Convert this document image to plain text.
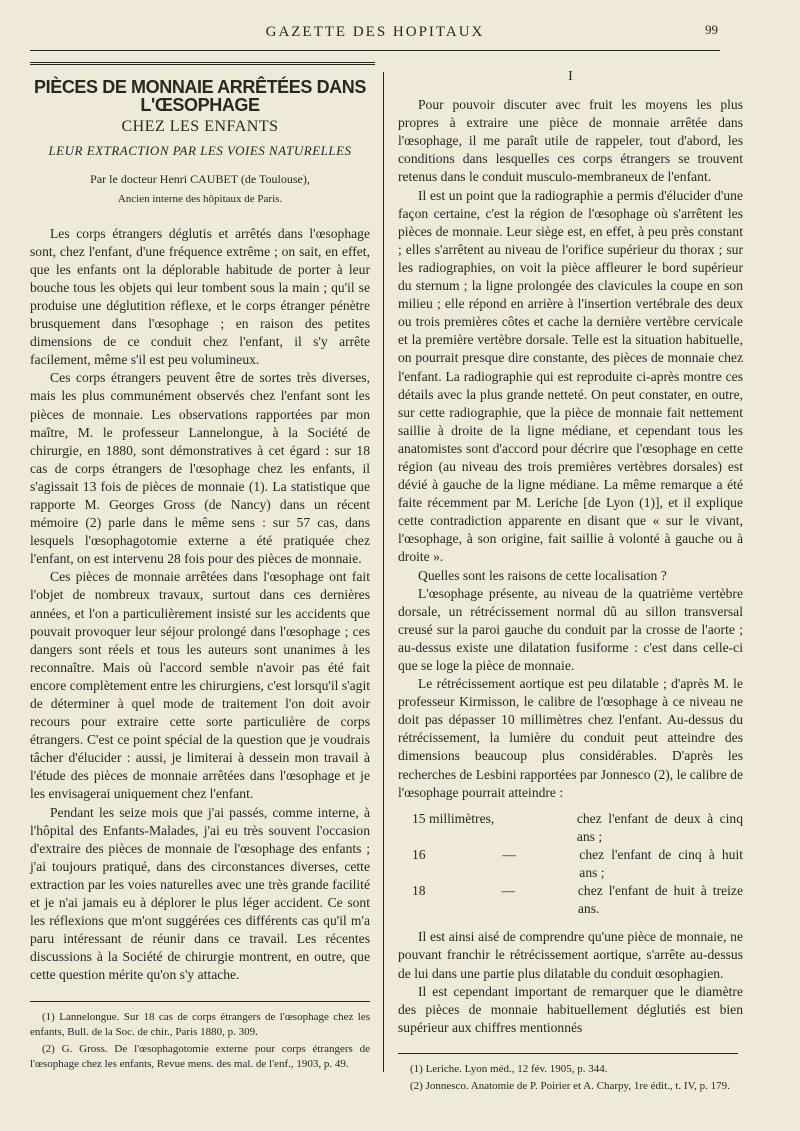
GAZETTE DES HOPITAUX	99
PIÈCES DE MONNAIE ARRÊTÉES DANS L'ŒSOPHAGE
CHEZ LES ENFANTS
LEUR EXTRACTION PAR LES VOIES NATURELLES
Par le docteur Henri CAUBET (de Toulouse),
Ancien interne des hôpitaux de Paris.

Les corps étrangers déglutis et arrêtés dans l'œsophage sont, chez l'enfant, d'une fréquence extrême ; on sait, en effet, que les enfants ont la déplorable habitude de porter à leur bouche tous les objets qui leur tombent sous la main ; qu'il se produise une déglutition réflexe, et le corps étranger pénètre brusquement dans l'œsophage ; en raison des petites dimensions de ce conduit chez l'enfant, il s'y arrête facilement, même s'il est peu volumineux.

Ces corps étrangers peuvent être de sortes très diverses, mais les plus communément observés chez l'enfant sont les pièces de monnaie. Les observations rapportées par mon maître, M. le professeur Lannelongue, à la Société de chirurgie, en 1880, sont démonstratives à cet égard : sur 18 cas de corps étrangers de l'œsophage chez les enfants, il s'agissait 13 fois de pièces de monnaie (1). La statistique que rapporte M. Georges Gross (de Nancy) dans un récent mémoire (2) parle dans le même sens : sur 57 cas, dans lesquels l'œsophagotomie externe a été pratiquée chez l'enfant, on est intervenu 28 fois pour des pièces de monnaie.

Ces pièces de monnaie arrêtées dans l'œsophage ont fait l'objet de nombreux travaux, surtout dans ces dernières années, et l'on a particulièrement insisté sur les accidents que pouvait provoquer leur séjour prolongé dans l'œsophage ; ces dangers sont réels et tous les auteurs sont unanimes à les reconnaître. Mais où l'accord semble n'avoir pas été fait encore complètement entre les chirurgiens, c'est lorsqu'il s'agit de déterminer à quel mode de traitement l'on doit avoir recours pour extraire cette sorte particulière de corps étrangers. C'est ce point spécial de la question que je voudrais tâcher d'élucider : aussi, je limiterai à dessein mon travail à l'étude des pièces de monnaie arrêtées dans l'œsophage et je les envisagerai uniquement chez l'enfant.

Pendant les seize mois que j'ai passés, comme interne, à l'hôpital des Enfants-Malades, j'ai eu très souvent l'occasion d'extraire des pièces de monnaie de l'œsophage des enfants ; j'ai toujours pratiqué, dans des circonstances diverses, cette extraction par les voies naturelles avec une très grande facilité et je n'ai jamais eu à déplorer le plus léger accident. Ce sont les réflexions que m'ont suggérées ces différents cas qu'il m'a paru intéressant de réunir dans ce travail. Les récentes discussions à la Société de chirurgie montrent, en outre, que cette question mérite qu'on s'y attache.

(1) Lannelongue. Sur 18 cas de corps étrangers de l'œsophage chez les enfants, Bull. de la Soc. de chir., Paris 1880, p. 309.

(2) G. Gross. De l'œsophagotomie externe pour corps étrangers de l'œsophage chez les enfants, Revue mens. des mal. de l'enf., 1903, p. 49.

I

Pour pouvoir discuter avec fruit les moyens les plus propres à extraire une pièce de monnaie arrêtée dans l'œsophage, il me paraît utile de rappeler, tout d'abord, les conditions dans lesquelles ces corps étrangers se trouvent retenus dans le conduit musculo-membraneux de l'enfant.

Il est un point que la radiographie a permis d'élucider d'une façon certaine, c'est la région de l'œsophage où s'arrêtent les pièces de monnaie. Leur siège est, en effet, à peu près constant ; elles s'arrêtent au niveau de l'orifice supérieur du thorax ; sur les radiographies, on voit la pièce affleurer le bord supérieur du sternum ; la ligne prolongée des clavicules la coupe en son milieu ; elle répond en arrière à l'insertion vertébrale des deux ou trois premières côtes et cache la dernière vertèbre cervicale et la première vertèbre dorsale. Telle est la situation habituelle, on pourrait presque dire constante, des pièces de monnaie chez l'enfant. La radiographie qui est reproduite ci-après montre ces détails avec la plus grande netteté. On peut constater, en outre, sur cette radiographie, que la pièce de monnaie fait nettement saillie à droite de la ligne médiane, et cependant tous les anatomistes sont d'accord pour décrire que l'œsophage en cette région (au niveau des trois premières vertèbres dorsales) est dévié à gauche de la ligne médiane. La même remarque a été faite récemment par M. Leriche [de Lyon (1)], et il explique cette contradiction apparente en disant que « sur le vivant, l'œsophage, à son origine, fait saillie à volonté à gauche ou à droite ».

Quelles sont les raisons de cette localisation ?

L'œsophage présente, au niveau de la quatrième vertèbre dorsale, un rétrécissement normal dû au sillon transversal creusé sur la paroi gauche du conduit par la crosse de l'aorte ; au-dessus existe une dilatation fusiforme : c'est dans celle-ci que se loge la pièce de monnaie.

Le rétrécissement aortique est peu dilatable ; d'après M. le professeur Kirmisson, le calibre de l'œsophage à ce niveau ne doit pas dépasser 10 millimètres chez l'enfant. Au-dessus du rétrécissement, la lumière du conduit peut atteindre des dimensions beaucoup plus considérables. D'après les recherches de Lesbini rapportées par Jonnesco (2), le calibre de l'œsophage pourrait atteindre :

15 millimètres,	chez l'enfant de deux à cinq ans ;
16	—	chez l'enfant de cinq à huit ans ;
18	—	chez l'enfant de huit à treize ans.

Il est ainsi aisé de comprendre qu'une pièce de monnaie, ne pouvant franchir le rétrécissement aortique, s'arrête au-dessus de lui dans une partie plus dilatable du conduit œsophagien.

Il est cependant important de remarquer que le diamètre des pièces de monnaie habituellement déglutiés est bien supérieur aux chiffres mentionnés

(1) Leriche. Lyon méd., 12 fév. 1905, p. 344.

(2) Jonnesco. Anatomie de P. Poirier et A. Charpy, 1re édit., t. IV, p. 179.
